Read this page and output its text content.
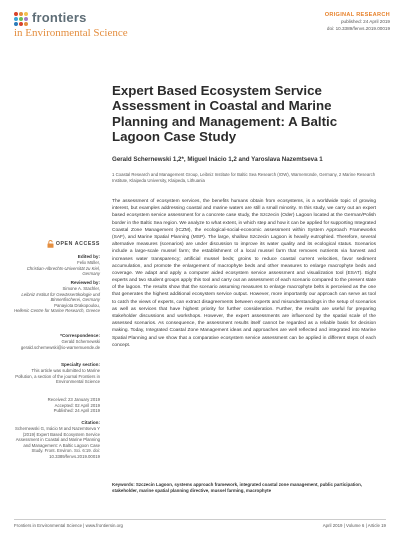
frontiers
in Environmental Science
ORIGINAL RESEARCH
published: 24 April 2019
doi: 10.3389/fenvs.2019.00019
OPEN ACCESS
Edited by:
Felix Müller,
Christian-Albrechts-Universität zu Kiel, Germany
Reviewed by:
Simone A. Stachler,
Leibniz Institut für Gewässerökologie und Binnenfischerei, Germany
Panayiota Drakopoulou,
Hellenic Centre for Marine Research, Greece
*Correspondence:
Gerald Schernewski
gerald.schernewski@io-warnemuende.de
Specialty section:
This article was submitted to Marine Pollution, a section of the journal Frontiers in Environmental Science
Received: 23 January 2019
Accepted: 02 April 2019
Published: 24 April 2019
Citation:
Schernewski G, Inácio M and Nazemtseva Y (2019) Expert Based Ecosystem Service Assessment in Coastal and Marine Planning and Management: A Baltic Lagoon Case Study. Front. Environ. Sci. 6:19. doi: 10.3389/fenvs.2019.00019
Expert Based Ecosystem Service Assessment in Coastal and Marine Planning and Management: A Baltic Lagoon Case Study
Gerald Schernewski 1,2*, Miguel Inácio 1,2 and Yaroslava Nazemtseva 1
1 Coastal Research and Management Group, Leibniz Institute for Baltic Sea Research (IOW), Warnemünde, Germany, 2 Marine Research Institute, Klaipeda University, Klaipeda, Lithuania
The assessment of ecosystem services, the benefits humans obtain from ecosystems, is a worldwide topic of growing interest, but examples addressing coastal and marine waters are still a small minority. In this study, we carry out an expert based ecosystem service assessment for a concrete case study, the Szczecin (Oder) Lagoon located at the German/Polish border in the Baltic Sea region. We analyze to what extent, in which step and how it can be applied for supporting Integrated Coastal Zone Management (ICZM), the ecological-social-economic assessment within System Approach Frameworks (SAF), and Marine Spatial Planning (MSP). The large, shallow Szczecin Lagoon is heavily eutrophied. Therefore, several alternative measures (scenarios) are under discussion to improve its water quality and its ecological status. Scenarios include a large-scale mussel farm; the establishment of a local mussel farm that removes nutrients via harvest and increases water transparency; artificial mussel beds; groins to reduce coastal current velocities, favor sediment accumulation, and promote the enlargement of macrophyte beds and other measures to enlarge macrophyte beds and coverage. We adapt and apply a computer aided ecosystem service assessment and visualization tool (ESAT). Eight experts and two student groups apply this tool and carry out an assessment of each scenario compared to the present state of the lagoon. The results show that the scenario assuming measures to enlarge macrophyte belts is perceived as the one that generates the highest additional ecosystem service output. However, more importantly our approach can serve as tool to catch the views of experts, can extract disagreements between experts and misunderstandings in the setup of scenarios as well as services that have highest priority for further consideration. Further, the results are useful for preparing stakeholder discussions and workshops. However, the expert assessments are influenced by the spatial scale of the assessed scenarios. As consequence, the assessment results itself cannot be regarded as a reliable basis for decision making. Today, Integrated Coastal Zone Management ideas and approaches are well reflected and integrated into Marine Spatial Planning and we show that a comparative ecosystem service assessment can be applied in different steps of each concept.
Keywords: Szczecin Lagoon, systems approach framework, integrated coastal zone management, public participation, stakeholder, marine spatial planning directive, mussel farming, macrophyte
Frontiers in Environmental Science | www.frontiersin.org	April 2019 | Volume 6 | Article 19
